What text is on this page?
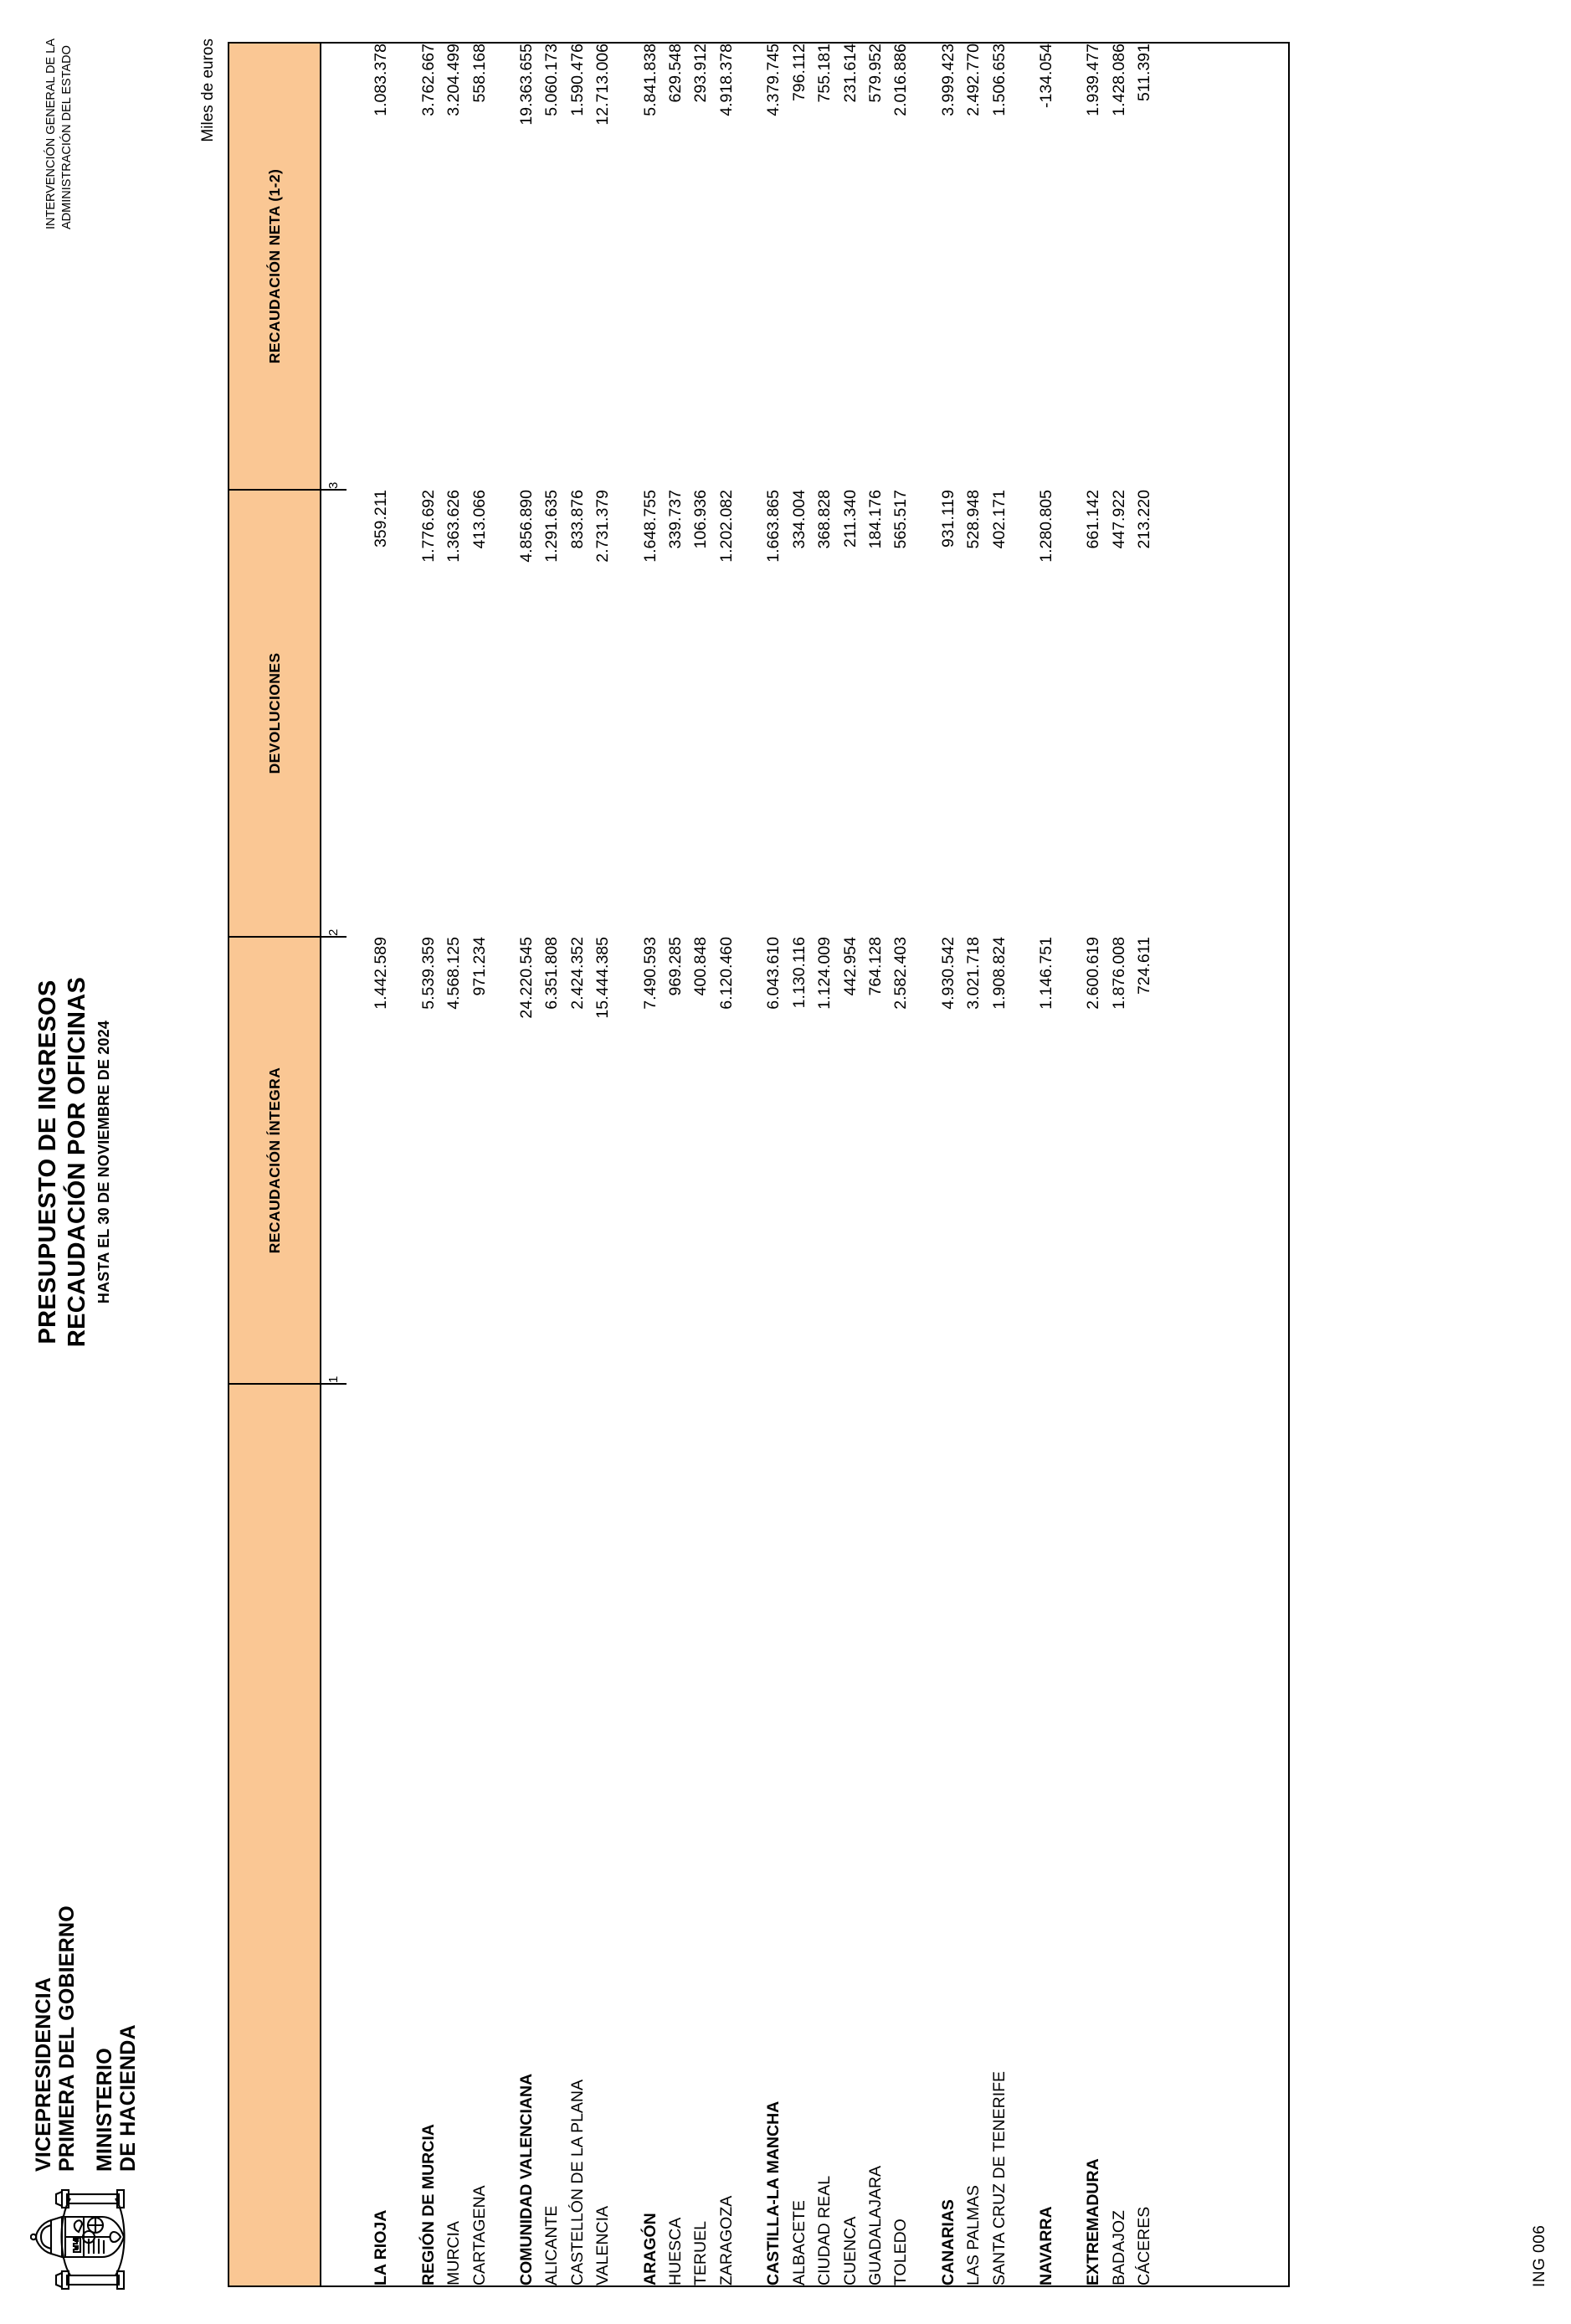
VICEPRESIDENCIA PRIMERA DEL GOBIERNO MINISTERIO DE HACIENDA
PRESUPUESTO DE INGRESOS RECAUDACIÓN POR OFICINAS HASTA EL 30 DE NOVIEMBRE DE 2024
INTERVENCIÓN GENERAL DE LA ADMINISTRACIÓN DEL ESTADO	Miles de euros
	RECAUDACIÓN ÍNTEGRA	DEVOLUCIONES	RECAUDACIÓN NETA (1-2)
	1	2	3

LA RIOJA	1.442.589	359.211	1.083.378

REGIÓN DE MURCIA	5.539.359	1.776.692	3.762.667
MURCIA	4.568.125	1.363.626	3.204.499
CARTAGENA	971.234	413.066	558.168

COMUNIDAD VALENCIANA	24.220.545	4.856.890	19.363.655
ALICANTE	6.351.808	1.291.635	5.060.173
CASTELLÓN DE LA PLANA	2.424.352	833.876	1.590.476
VALENCIA	15.444.385	2.731.379	12.713.006

ARAGÓN	7.490.593	1.648.755	5.841.838
HUESCA	969.285	339.737	629.548
TERUEL	400.848	106.936	293.912
ZARAGOZA	6.120.460	1.202.082	4.918.378

CASTILLA-LA MANCHA	6.043.610	1.663.865	4.379.745
ALBACETE	1.130.116	334.004	796.112
CIUDAD REAL	1.124.009	368.828	755.181
CUENCA	442.954	211.340	231.614
GUADALAJARA	764.128	184.176	579.952
TOLEDO	2.582.403	565.517	2.016.886

CANARIAS	4.930.542	931.119	3.999.423
LAS PALMAS	3.021.718	528.948	2.492.770
SANTA CRUZ DE TENERIFE	1.908.824	402.171	1.506.653

NAVARRA	1.146.751	1.280.805	-134.054

EXTREMADURA	2.600.619	661.142	1.939.477
BADAJOZ	1.876.008	447.922	1.428.086
CÁCERES	724.611	213.220	511.391

ING 006
